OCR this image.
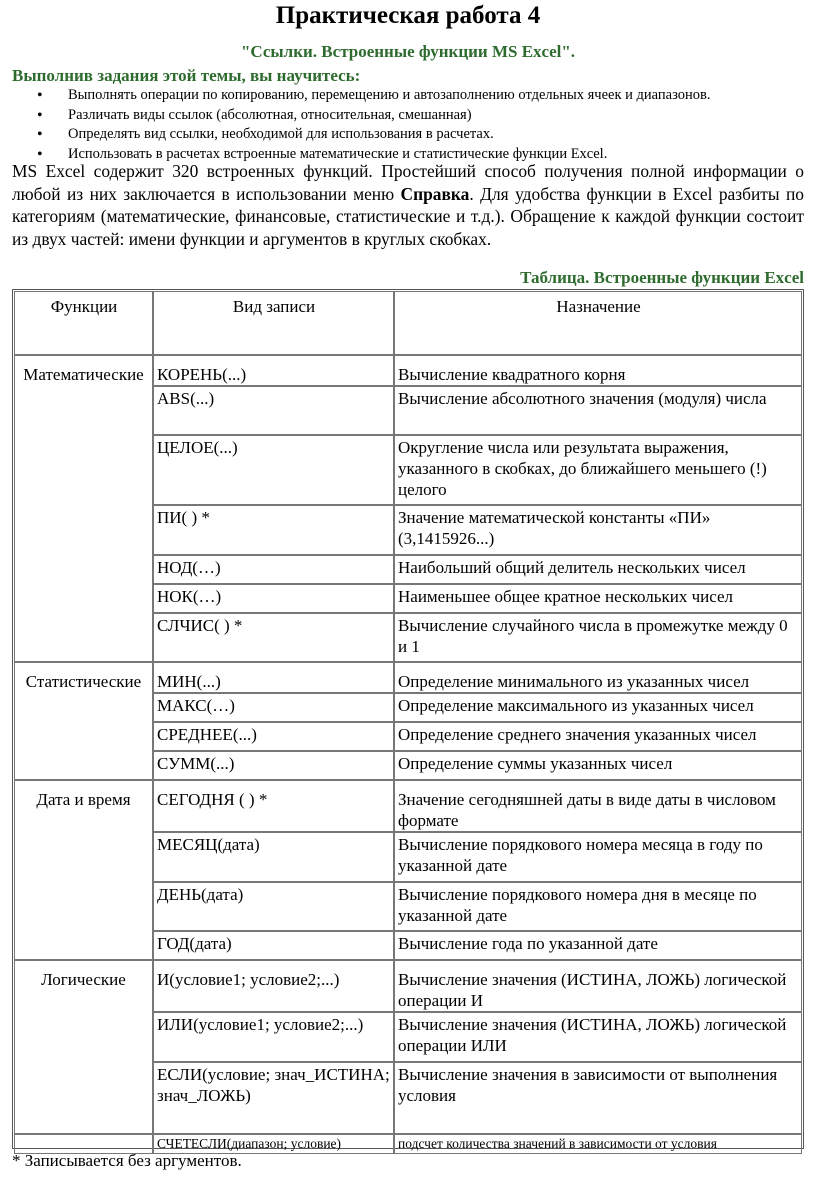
Практическая работа 4
"Ссылки. Встроенные функции MS Excel".
Выполнив задания этой темы, вы научитесь:
• Выполнять операции по копированию, перемещению и автозаполнению отдельных ячеек и диапазонов.
• Различать виды ссылок (абсолютная, относительная, смешанная)
• Определять вид ссылки, необходимой для использования в расчетах.
• Использовать в расчетах встроенные математические и статистические функции Excel.
MS Excel содержит 320 встроенных функций. Простейший способ получения полной информации о любой из них заключается в использовании меню Справка. Для удобства функции в Excel разбиты по категориям (математические, финансовые, статистические и т.д.). Обращение к каждой функции состоит из двух частей: имени функции и аргументов в круглых скобках.
Таблица. Встроенные функции Excel
Функции	Вид записи	Назначение
Математические	КОРЕНЬ(...)	Вычисление квадратного корня
	ABS(...)	Вычисление абсолютного значения (модуля) числа
	ЦЕЛОЕ(...)	Округление числа или результата выражения, указанного в скобках, до ближайшего меньшего (!) целого
	ПИ( ) *	Значение математической константы «ПИ» (3,1415926...)
	НОД(…)	Наибольший общий делитель нескольких чисел
	НОК(…)	Наименьшее общее кратное нескольких чисел
	СЛЧИС( ) *	Вычисление случайного числа в промежутке между 0 и 1
Статистические	МИН(...)	Определение минимального из указанных чисел
	МАКС(…)	Определение максимального из указанных чисел
	СРЕДНЕЕ(...)	Определение среднего значения указанных чисел
	СУММ(...)	Определение суммы указанных чисел
Дата и время	СЕГОДНЯ ( ) *	Значение сегодняшней даты в виде даты в числовом формате
	МЕСЯЦ(дата)	Вычисление порядкового номера месяца в году по указанной дате
	ДЕНЬ(дата)	Вычисление порядкового номера дня в месяце по указанной дате
	ГОД(дата)	Вычисление года по указанной дате
Логические	И(условие1; условие2;...)	Вычисление значения (ИСТИНА, ЛОЖЬ) логической операции И
	ИЛИ(условие1; условие2;...)	Вычисление значения (ИСТИНА, ЛОЖЬ) логической операции ИЛИ
	ЕСЛИ(условие; знач_ИСТИНА; знач_ЛОЖЬ)	Вычисление значения в зависимости от выполнения условия
	СЧЕТЕСЛИ(диапазон; условие)	подсчет количества значений в зависимости от условия
* Записывается без аргументов.
